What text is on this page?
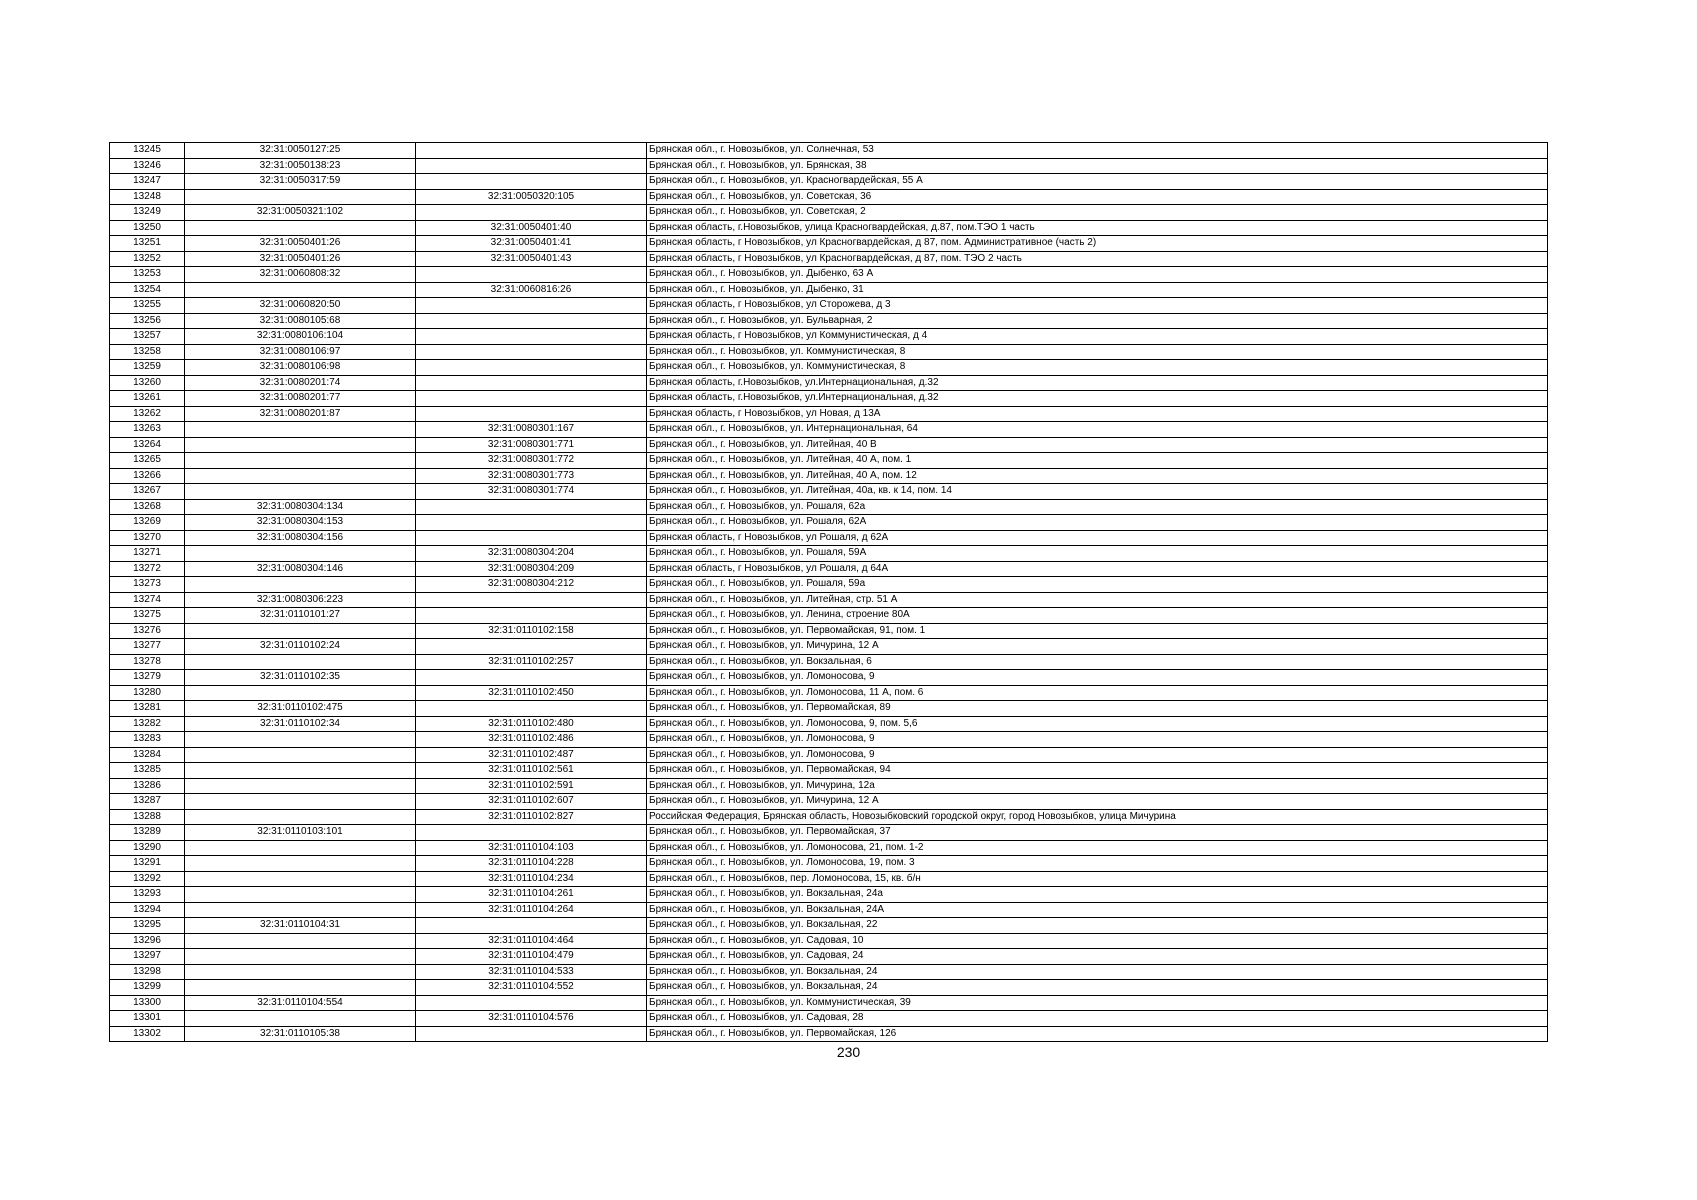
13245	32:31:0050127:25		Брянская обл., г. Новозыбков, ул. Солнечная, 53
13246	32:31:0050138:23		Брянская обл., г. Новозыбков, ул. Брянская, 38
13247	32:31:0050317:59		Брянская обл., г. Новозыбков, ул. Красногвардейская, 55 А
13248		32:31:0050320:105	Брянская обл., г. Новозыбков, ул. Советская, 36
13249	32:31:0050321:102		Брянская обл., г. Новозыбков, ул. Советская, 2
13250		32:31:0050401:40	Брянская область, г.Новозыбков, улица Красногвардейская, д.87, пом.ТЭО 1 часть
13251	32:31:0050401:26	32:31:0050401:41	Брянская область, г Новозыбков, ул Красногвардейская, д 87, пом. Административное (часть 2)
13252	32:31:0050401:26	32:31:0050401:43	Брянская область, г Новозыбков, ул Красногвардейская, д 87, пом. ТЭО 2 часть
13253	32:31:0060808:32		Брянская обл., г. Новозыбков, ул. Дыбенко, 63 А
13254		32:31:0060816:26	Брянская обл., г. Новозыбков, ул. Дыбенко, 31
13255	32:31:0060820:50		Брянская область, г Новозыбков, ул Сторожева, д 3
13256	32:31:0080105:68		Брянская обл., г. Новозыбков, ул. Бульварная, 2
13257	32:31:0080106:104		Брянская область, г Новозыбков, ул Коммунистическая, д 4
13258	32:31:0080106:97		Брянская обл., г. Новозыбков, ул. Коммунистическая, 8
13259	32:31:0080106:98		Брянская обл., г. Новозыбков, ул. Коммунистическая, 8
13260	32:31:0080201:74		Брянская область, г.Новозыбков, ул.Интернациональная, д.32
13261	32:31:0080201:77		Брянская область, г.Новозыбков, ул.Интернациональная, д.32
13262	32:31:0080201:87		Брянская область, г Новозыбков, ул Новая, д 13А
13263		32:31:0080301:167	Брянская обл., г. Новозыбков, ул. Интернациональная, 64
13264		32:31:0080301:771	Брянская обл., г. Новозыбков, ул. Литейная, 40 В
13265		32:31:0080301:772	Брянская обл., г. Новозыбков, ул. Литейная, 40 А, пом. 1
13266		32:31:0080301:773	Брянская обл., г. Новозыбков, ул. Литейная, 40 А, пом. 12
13267		32:31:0080301:774	Брянская обл., г. Новозыбков, ул. Литейная, 40а, кв. к 14, пом. 14
13268	32:31:0080304:134		Брянская обл., г. Новозыбков, ул. Рошаля, 62а
13269	32:31:0080304:153		Брянская обл., г. Новозыбков, ул. Рошаля, 62А
13270	32:31:0080304:156		Брянская область, г Новозыбков, ул Рошаля, д 62А
13271		32:31:0080304:204	Брянская обл., г. Новозыбков, ул. Рошаля, 59А
13272	32:31:0080304:146	32:31:0080304:209	Брянская область, г Новозыбков, ул Рошаля, д 64А
13273		32:31:0080304:212	Брянская обл., г. Новозыбков, ул. Рошаля, 59а
13274	32:31:0080306:223		Брянская обл., г. Новозыбков, ул. Литейная, стр. 51 А
13275	32:31:0110101:27		Брянская обл., г. Новозыбков, ул. Ленина, строение 80А
13276		32:31:0110102:158	Брянская обл., г. Новозыбков, ул. Первомайская, 91, пом. 1
13277	32:31:0110102:24		Брянская обл., г. Новозыбков, ул. Мичурина, 12 А
13278		32:31:0110102:257	Брянская обл., г. Новозыбков, ул. Вокзальная, 6
13279	32:31:0110102:35		Брянская обл., г. Новозыбков, ул. Ломоносова, 9
13280		32:31:0110102:450	Брянская обл., г. Новозыбков, ул. Ломоносова, 11 А, пом. 6
13281	32:31:0110102:475		Брянская обл., г. Новозыбков, ул. Первомайская, 89
13282	32:31:0110102:34	32:31:0110102:480	Брянская обл., г. Новозыбков, ул. Ломоносова, 9, пом. 5,6
13283		32:31:0110102:486	Брянская обл., г. Новозыбков, ул. Ломоносова, 9
13284		32:31:0110102:487	Брянская обл., г. Новозыбков, ул. Ломоносова, 9
13285		32:31:0110102:561	Брянская обл., г. Новозыбков, ул. Первомайская, 94
13286		32:31:0110102:591	Брянская обл., г. Новозыбков, ул. Мичурина, 12а
13287		32:31:0110102:607	Брянская обл., г. Новозыбков, ул. Мичурина, 12 А
13288		32:31:0110102:827	Российская Федерация, Брянская область, Новозыбковский городской округ, город Новозыбков, улица Мичурина
13289	32:31:0110103:101		Брянская обл., г. Новозыбков, ул. Первомайская, 37
13290		32:31:0110104:103	Брянская обл., г. Новозыбков, ул. Ломоносова, 21, пом. 1-2
13291		32:31:0110104:228	Брянская обл., г. Новозыбков, ул. Ломоносова, 19, пом. 3
13292		32:31:0110104:234	Брянская обл., г. Новозыбков, пер. Ломоносова, 15, кв. б/н
13293		32:31:0110104:261	Брянская обл., г. Новозыбков, ул. Вокзальная, 24а
13294		32:31:0110104:264	Брянская обл., г. Новозыбков, ул. Вокзальная, 24А
13295	32:31:0110104:31		Брянская обл., г. Новозыбков, ул. Вокзальная, 22
13296		32:31:0110104:464	Брянская обл., г. Новозыбков, ул. Садовая, 10
13297		32:31:0110104:479	Брянская обл., г. Новозыбков, ул. Садовая, 24
13298		32:31:0110104:533	Брянская обл., г. Новозыбков, ул. Вокзальная, 24
13299		32:31:0110104:552	Брянская обл., г. Новозыбков, ул. Вокзальная, 24
13300	32:31:0110104:554		Брянская обл., г. Новозыбков, ул. Коммунистическая, 39
13301		32:31:0110104:576	Брянская обл., г. Новозыбков, ул. Садовая, 28
13302	32:31:0110105:38		Брянская обл., г. Новозыбков, ул. Первомайская, 126
230
